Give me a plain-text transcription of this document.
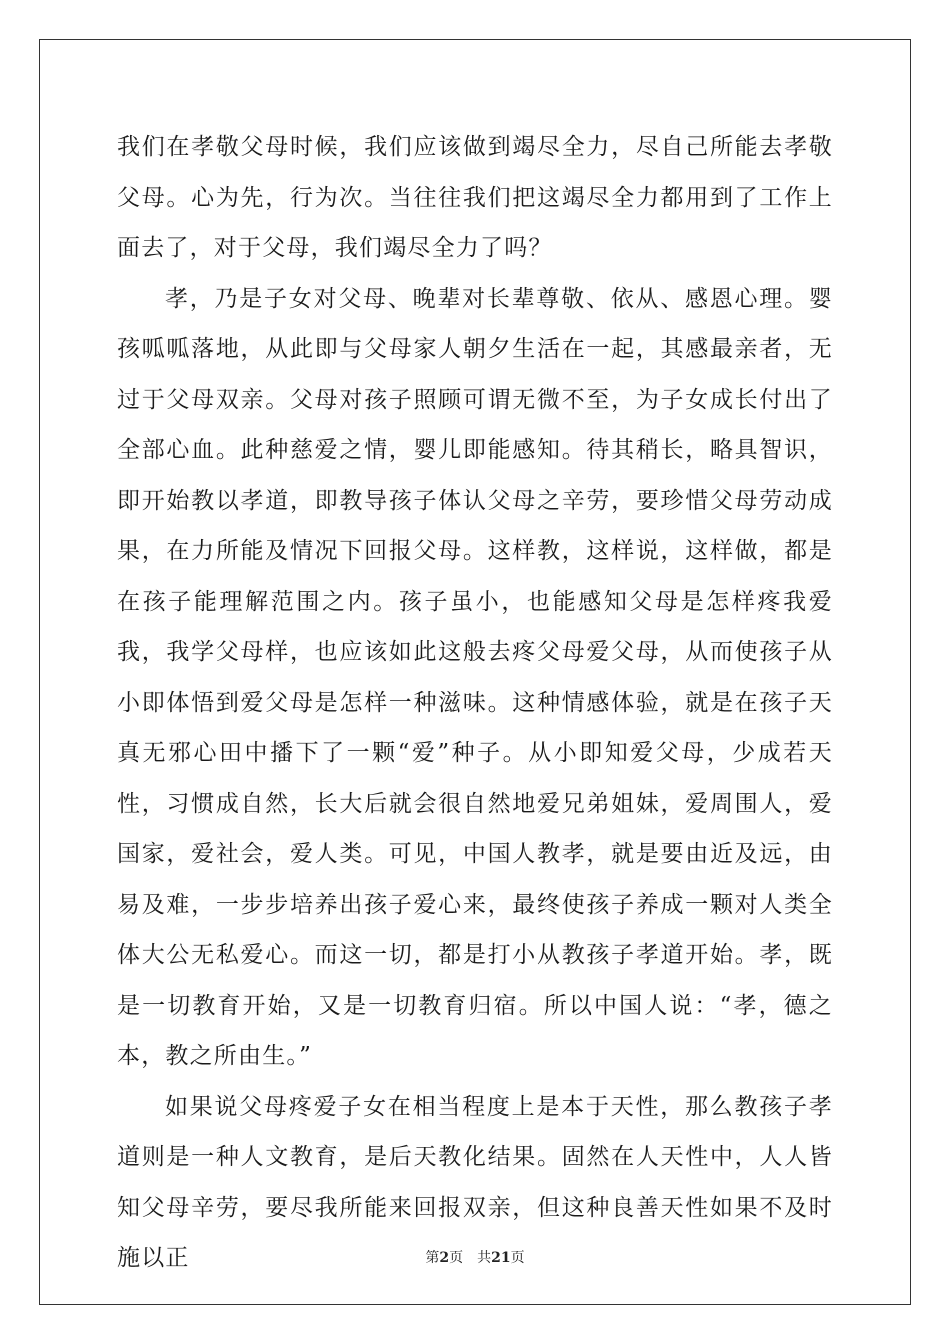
我们在孝敬父母时候，我们应该做到竭尽全力，尽自己所能去孝敬父母。心为先，行为次。当往往我们把这竭尽全力都用到了工作上面去了，对于父母，我们竭尽全力了吗？

孝，乃是子女对父母、晚辈对长辈尊敬、依从、感恩心理。婴孩呱呱落地，从此即与父母家人朝夕生活在一起，其感最亲者，无过于父母双亲。父母对孩子照顾可谓无微不至，为子女成长付出了全部心血。此种慈爱之情，婴儿即能感知。待其稍长，略具智识，即开始教以孝道，即教导孩子体认父母之辛劳，要珍惜父母劳动成果，在力所能及情况下回报父母。这样教，这样说，这样做，都是在孩子能理解范围之内。孩子虽小，也能感知父母是怎样疼我爱我，我学父母样，也应该如此这般去疼父母爱父母，从而使孩子从小即体悟到爱父母是怎样一种滋味。这种情感体验，就是在孩子天真无邪心田中播下了一颗“爱”种子。从小即知爱父母，少成若天性，习惯成自然，长大后就会很自然地爱兄弟姐妹，爱周围人，爱国家，爱社会，爱人类。可见，中国人教孝，就是要由近及远，由易及难，一步步培养出孩子爱心来，最终使孩子养成一颗对人类全体大公无私爱心。而这一切，都是打小从教孩子孝道开始。孝，既是一切教育开始，又是一切教育归宿。所以中国人说：“孝，德之本，教之所由生。”

如果说父母疼爱子女在相当程度上是本于天性，那么教孩子孝道则是一种人文教育，是后天教化结果。固然在人天性中，人人皆知父母辛劳，要尽我所能来回报双亲，但这种良善天性如果不及时施以正	第2页 共21页
